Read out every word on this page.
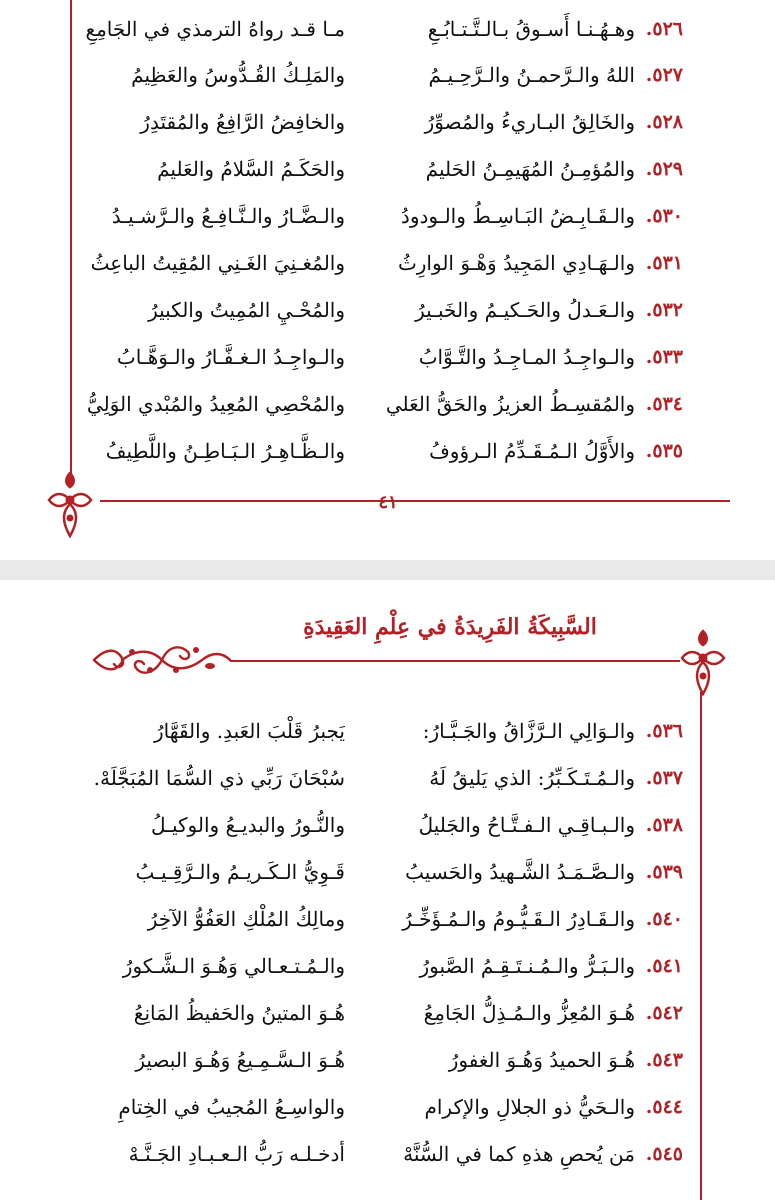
٥٢٦.
وهـهُـنـا أَسـوقُ بـالـتَّـتـابُـعِ
مـا قـد رواهُ الترمذي في الجَامِعِ
٥٢٧.
اللهُ والـرَّحمـنُ والـرَّحِـيـمُ
والمَلِـكُ القُـدُّوسُ والعَظِيمُ
٥٢٨.
والخَالِقُ البـاريءُ والمُصوِّرُ
والخافِضُ الرَّافِعُ والمُقتَدِرُ
٥٢٩.
والمُؤمِـنُ المُهَيمِـنُ الحَليمُ
والحَكَـمُ السَّلامُ والعَليمُ
٥٣٠.
والـقَـابِـضُ البَـاسِـطُ والـودودُ
والـضَّـارُ والـنَّـافِـعُ والـرَّشـيـدُ
٥٣١.
والـهَـادِي المَجِيدُ وَهْـوَ الوارِثُ
والمُغـنِيَ الغَـنِي المُقِيتُ الباعِثُ
٥٣٢.
والـعَـدلُ والحَـكيـمُ والخَبـيرُ
والمُحْـيِ المُمِيتُ والكبيرُ
٥٣٣.
والـواجِـدُ المـاجِـدُ والتَّـوَّابُ
والـواجِـدُ الـغـفَّـارُ والـوَهَّـابُ
٥٣٤.
والمُقسِـطُ العزيزُ والحَقُّ العَلي
والمُحْصِي المُعِيدُ والمُبْدي الوَلِيُّ
٥٣٥.
والأَوَّلُ الـمُـقَـدِّمُ الـرؤوفُ
والـظَّـاهِـرُ الـبَـاطِـنُ واللَّطِيفُ
٤١
السَّبِيكَةُ الفَرِيدَةُ في عِلْمِ العَقِيدَةِ
٥٣٦.
والـوَالِي الـرَّزَّاقُ والجَـبَّـارُ:
يَجبرُ قَلْبَ العَبدِ. والقَهَّارُ
٥٣٧.
والـمُـتَـكَـبِّرُ: الذي يَليقُ لَهُ
سُبْحَانَ رَبِّي ذي السُّمَا المُبَجَّلَهْ.
٥٣٨.
والـبـاقِـي الـفـتَّـاحُ والجَليلُ
والنُّـورُ والبديـعُ والوكيـلُ
٥٣٩.
والـصَّـمَـدُ الشَّـهيدُ والحَسيبُ
قَـوِيُّ الـكَـريـمُ والـرَّقِـيـبُ
٥٤٠.
والـقَـادِرُ الـقَـيُّـومُ والـمُـؤَخِّـرُ
ومالِكُ المُلْكِ العَفُوُّ الآخِرُ
٥٤١.
والـبَـرُّ والـمُـنـتَـقِـمُ الصَّبورُ
والـمُـتـعـالي وَهُـوَ الـشَّـكورُ
٥٤٢.
هُـوَ المُعِزُّ والـمُـذِلُّ الجَامِعُ
هُـوَ المتينُ والحَفيظُ المَانِعُ
٥٤٣.
هُـوَ الحميدُ وَهُـوَ الغفورُ
هُـوَ الـسَّـمِـيعُ وَهُـوَ البصيرُ
٥٤٤.
والـحَيُّ ذو الجلالِ والإكرام
والواسِـعُ المُجيبُ في الخِتامِ
٥٤٥.
مَن يُحصِ هذهِ كما في السُّنَّهْ
أدخـلـه رَبُّ الـعـبـادِ الجَـنَّـهْ
